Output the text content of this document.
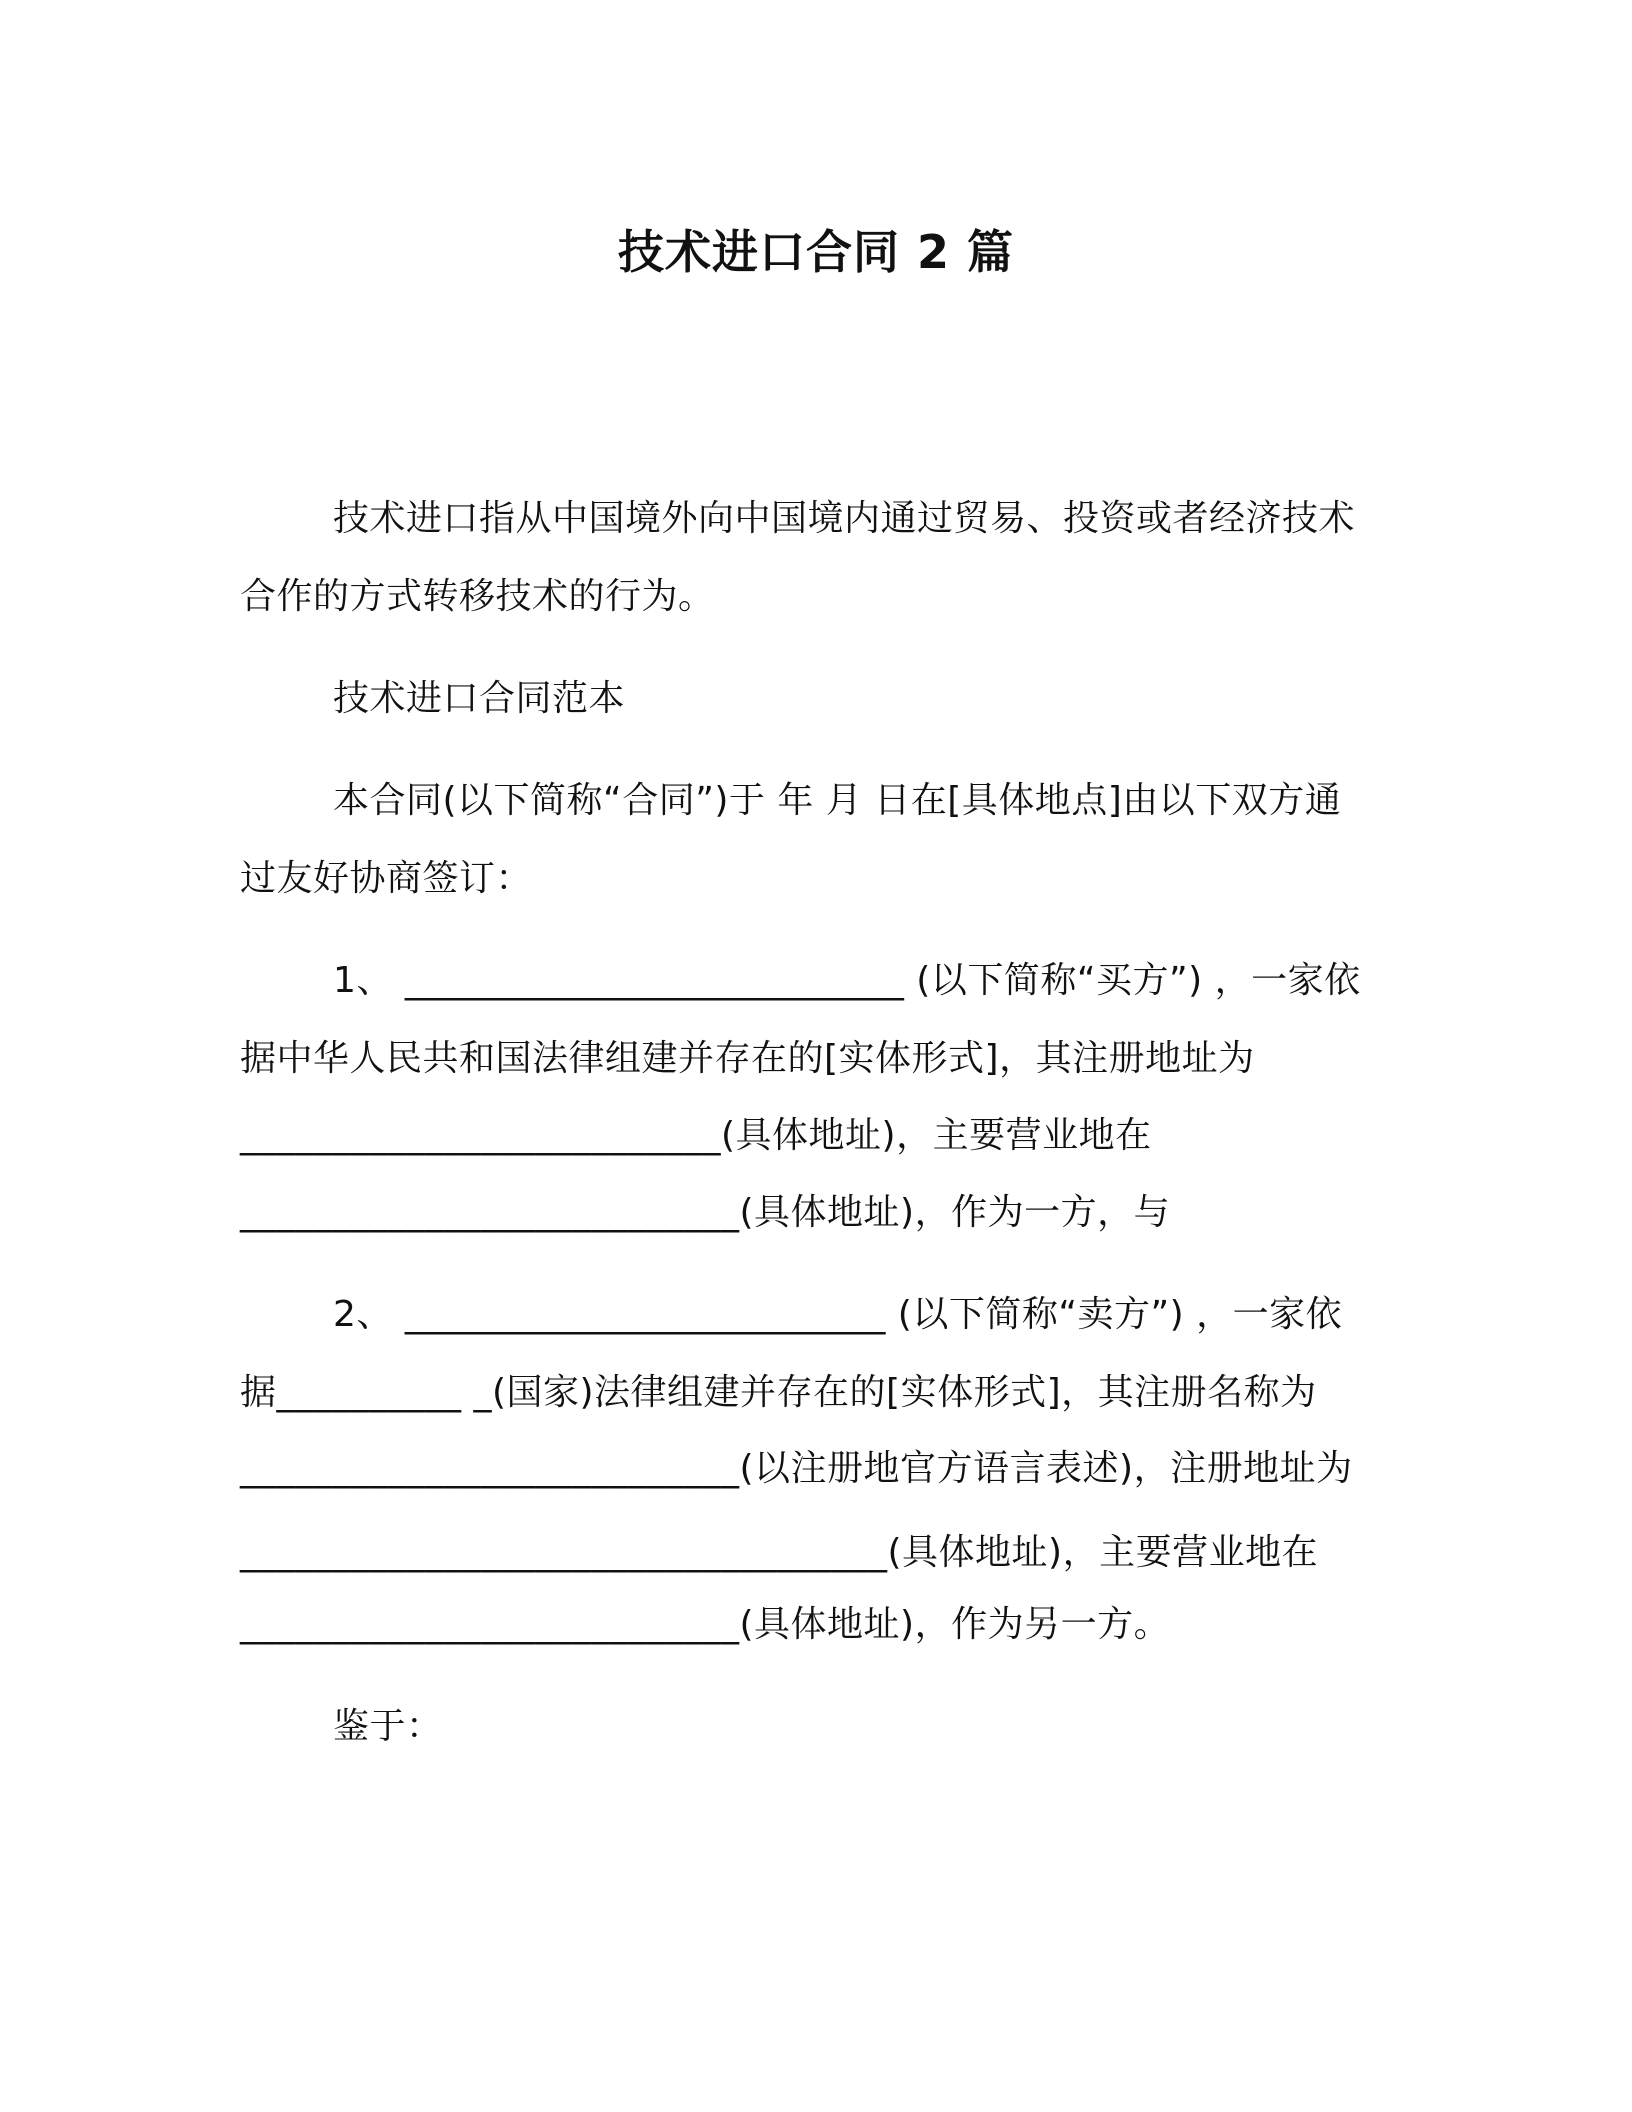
技术进口合同 2 篇
技术进口指从中国境外向中国境内通过贸易、投资或者经济技术
合作的方式转移技术的行为。
技术进口合同范本
本合同(以下简称“合同”)于 年 月 日在[具体地点]由以下双方通
过友好协商签订：
1、 ___________________________ (以下简称“买方”) ，一家依
据中华人民共和国法律组建并存在的[实体形式]，其注册地址为
__________________________(具体地址)，主要营业地在
___________________________(具体地址)，作为一方，与
2、 __________________________ (以下简称“卖方”) ，一家依
据__________ _(国家)法律组建并存在的[实体形式]，其注册名称为
___________________________(以注册地官方语言表述)，注册地址为
___________________________________(具体地址)，主要营业地在
___________________________(具体地址)，作为另一方。
鉴于：
